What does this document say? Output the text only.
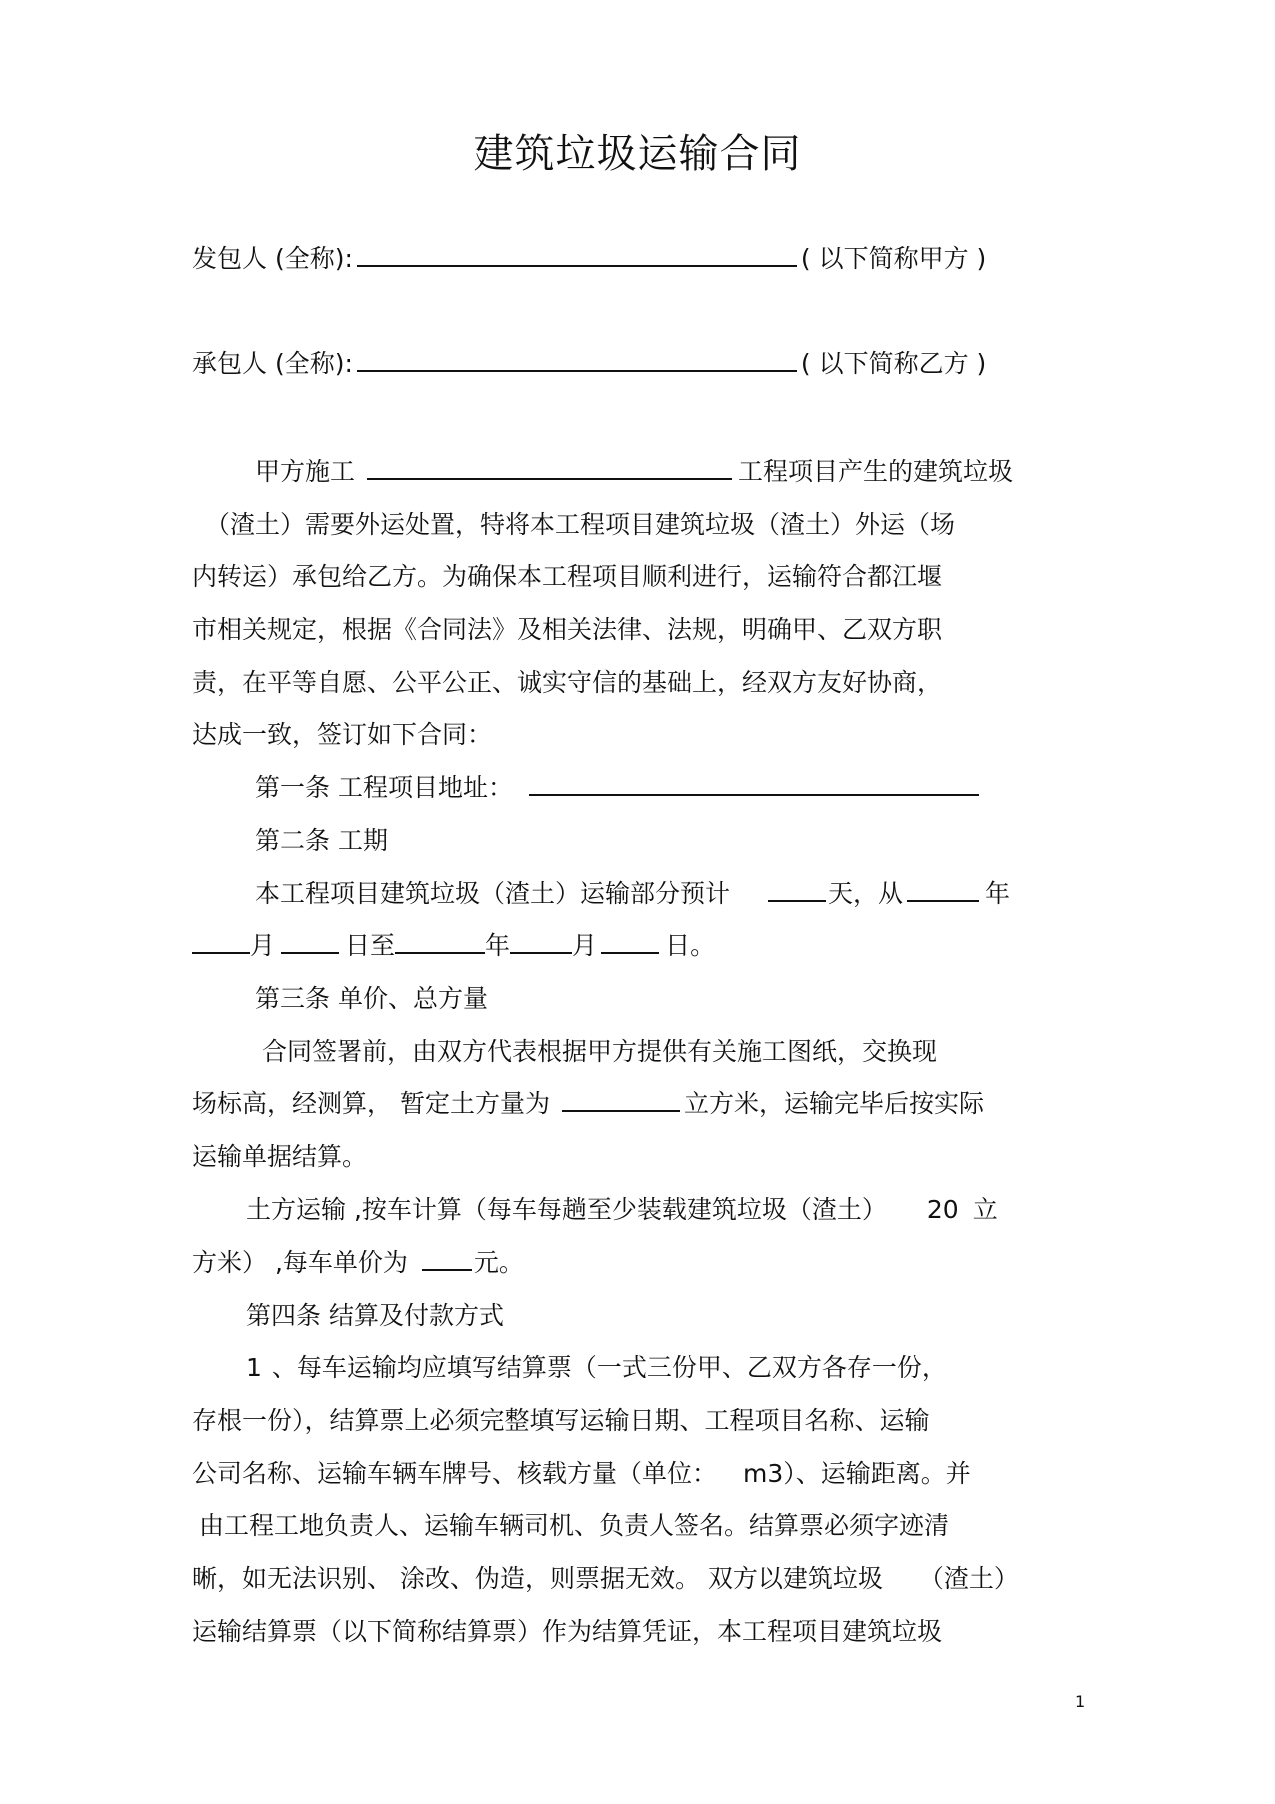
建筑垃圾运输合同
发包人 (全称):	( 以下简称甲方 )
承包人 (全称):	( 以下简称乙方 )
甲方施工	工程项目产生的建筑垃圾
（渣土）需要外运处置，特将本工程项目建筑垃圾（渣土）外运（场
内转运）承包给乙方。为确保本工程项目顺利进行，运输符合都江堰
市相关规定，根据《合同法》及相关法律、法规，明确甲、乙双方职
责，在平等自愿、公平公正、诚实守信的基础上，经双方友好协商，
达成一致，签订如下合同：
第一条 工程项目地址：
第二条 工期
本工程项目建筑垃圾（渣土）运输部分预计	天，从	年
月	日至	年 月	日。
第三条 单价、总方量
合同签署前，由双方代表根据甲方提供有关施工图纸，交换现
场标高，经测算， 暂定土方量为	立方米，运输完毕后按实际
运输单据结算。
土方运输 ,按车计算（每车每趟至少装载建筑垃圾（渣土） 20 立
方米） ,每车单价为	元。
第四条 结算及付款方式
1 、每车运输均应填写结算票（一式三份甲、乙双方各存一份，
存根一份），结算票上必须完整填写运输日期、工程项目名称、运输
公司名称、运输车辆车牌号、核载方量（单位： m3）、运输距离。并
由工程工地负责人、运输车辆司机、负责人签名。结算票必须字迹清
晰，如无法识别、 涂改、伪造，则票据无效。 双方以建筑垃圾 （渣土）
运输结算票（以下简称结算票）作为结算凭证，本工程项目建筑垃圾
1
